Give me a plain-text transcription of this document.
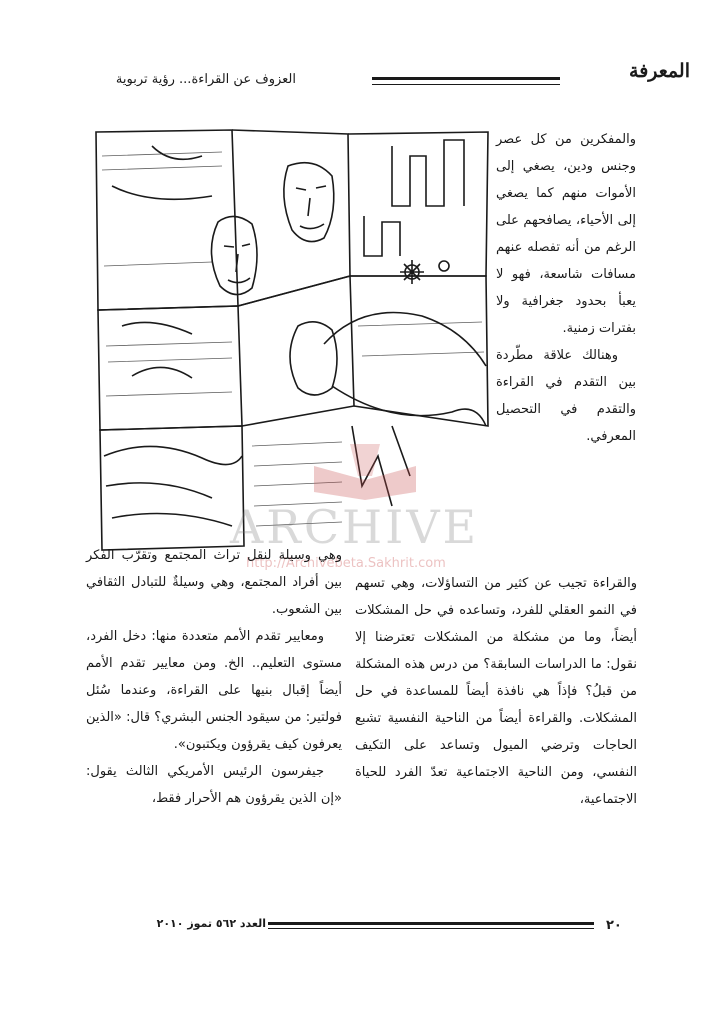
المعرفة
العزوف عن القراءة... رؤية تربوية
ARCHIVE
http://Archivebeta.Sakhrit.com

والمفكرين من كل عصر وجنس ودين، يصغي إلى الأموات منهم كما يصغي إلى الأحياء، يصافحهم على الرغم من أنه تفصله عنهم مسافات شاسعة، فهو لا يعبأ بحدود جغرافية ولا بفترات زمنية.

وهنالك علاقة مطّردة بين التقدم في القراءة والتقدم في التحصيل المعرفي.

والقراءة تجيب عن كثير من التساؤلات، وهي تسهم في النمو العقلي للفرد، وتساعده في حل المشكلات أيضاً، وما من مشكلة من المشكلات تعترضنا إلا نقول: ما الدراسات السابقة؟ من درس هذه المشكلة من قبلُ؟ فإذاً هي نافذة أيضاً للمساعدة في حل المشكلات. والقراءة أيضاً من الناحية النفسية تشبع الحاجات وترضي الميول وتساعد على التكيف النفسي، ومن الناحية الاجتماعية تعدّ الفرد للحياة الاجتماعية،

وهي وسيلة لنقل تراث المجتمع وتقرّب الفكر بين أفراد المجتمع، وهي وسيلةٌ للتبادل الثقافي بين الشعوب.

ومعايير تقدم الأمم متعددة منها: دخل الفرد، مستوى التعليم.. الخ. ومن معايير تقدم الأمم أيضاً إقبال بنيها على القراءة، وعندما سُئل فولتير: من سيقود الجنس البشري؟ قال: «الذين يعرفون كيف يقرؤون ويكتبون».

جيفرسون الرئيس الأمريكي الثالث يقول: «إن الذين يقرؤون هم الأحرار فقط،

٢٠
العدد ٥٦٢ تموز ٢٠١٠
